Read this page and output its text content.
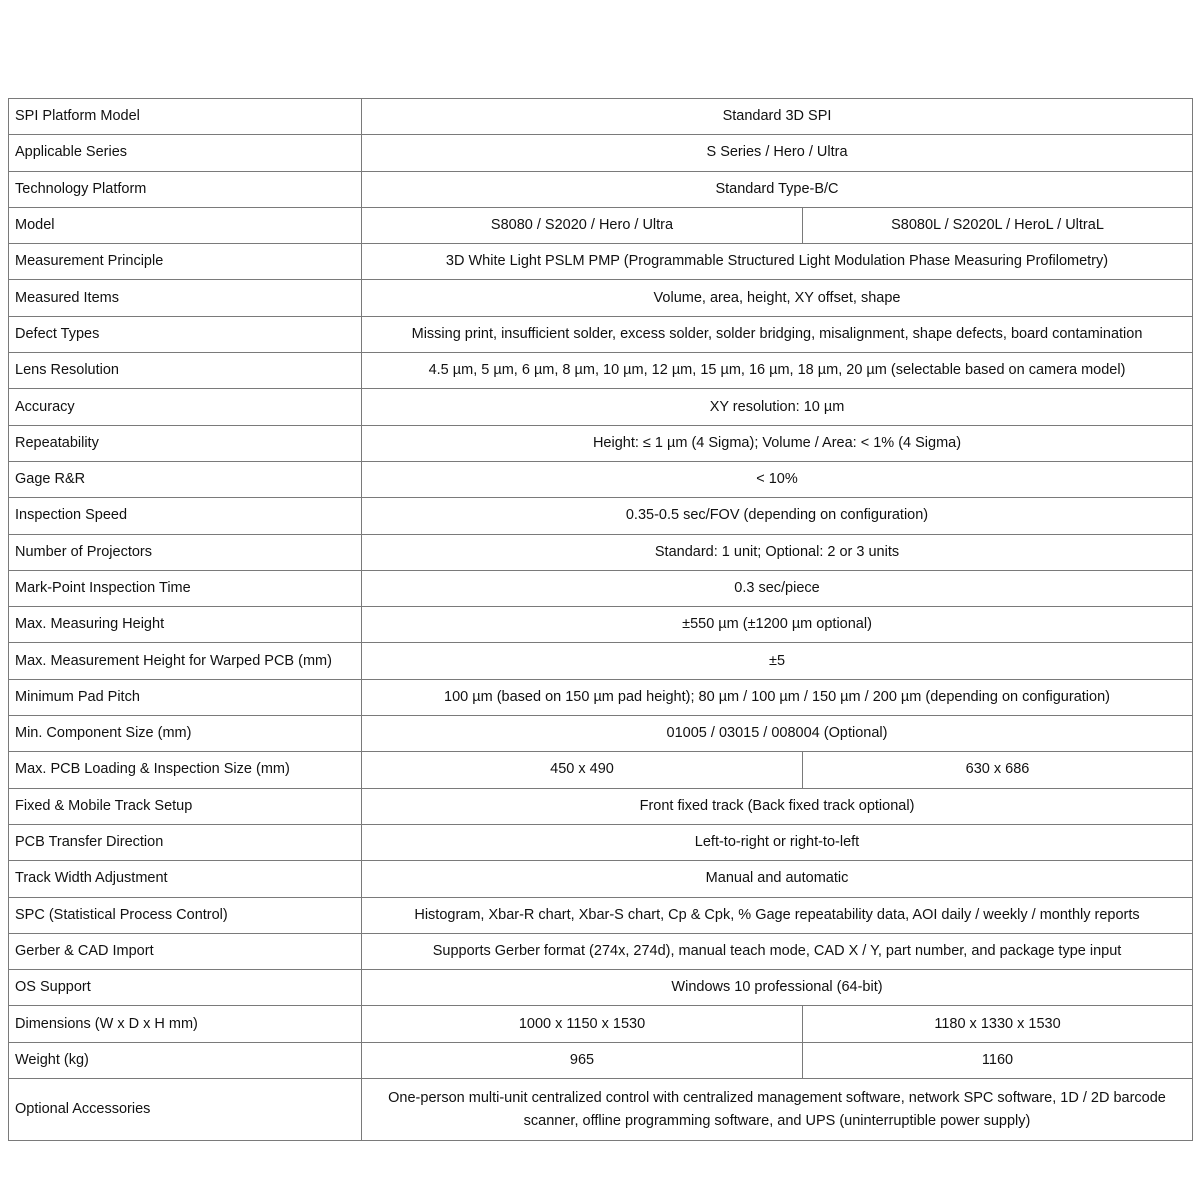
SPI Platform Model	Standard 3D SPI	
Applicable Series	S Series / Hero / Ultra	
Technology Platform	Standard Type-B/C	
Model	S8080 / S2020 / Hero / Ultra	S8080L / S2020L / HeroL / UltraL
Measurement Principle	3D White Light PSLM PMP (Programmable Structured Light Modulation Phase Measuring Profilometry)	
Measured Items	Volume, area, height, XY offset, shape	
Defect Types	Missing print, insufficient solder, excess solder, solder bridging, misalignment, shape defects, board contamination	
Lens Resolution	4.5 µm, 5 µm, 6 µm, 8 µm, 10 µm, 12 µm, 15 µm, 16 µm, 18 µm, 20 µm (selectable based on camera model)	
Accuracy	XY resolution: 10 µm	
Repeatability	Height: ≤ 1 µm (4 Sigma); Volume / Area: < 1% (4 Sigma)	
Gage R&R	< 10%	
Inspection Speed	0.35-0.5 sec/FOV (depending on configuration)	
Number of Projectors	Standard: 1 unit; Optional: 2 or 3 units	
Mark-Point Inspection Time	0.3 sec/piece	
Max. Measuring Height	±550 µm (±1200 µm optional)	
Max. Measurement Height for Warped PCB (mm)	±5	
Minimum Pad Pitch	100 µm (based on 150 µm pad height); 80 µm / 100 µm / 150 µm / 200 µm (depending on configuration)	
Min. Component Size (mm)	01005 / 03015 / 008004 (Optional)	
Max. PCB Loading & Inspection Size (mm)	450 x 490	630 x 686
Fixed & Mobile Track Setup	Front fixed track (Back fixed track optional)	
PCB Transfer Direction	Left-to-right or right-to-left	
Track Width Adjustment	Manual and automatic	
SPC (Statistical Process Control)	Histogram, Xbar-R chart, Xbar-S chart, Cp & Cpk, % Gage repeatability data, AOI daily / weekly / monthly reports	
Gerber & CAD Import	Supports Gerber format (274x, 274d), manual teach mode, CAD X / Y, part number, and package type input	
OS Support	Windows 10 professional (64-bit)	
Dimensions (W x D x H mm)	1000 x 1150 x 1530	1180 x 1330 x 1530
Weight (kg)	965	1160
Optional Accessories	One-person multi-unit centralized control with centralized management software, network SPC software, 1D / 2D barcode scanner, offline programming software, and UPS (uninterruptible power supply)	
